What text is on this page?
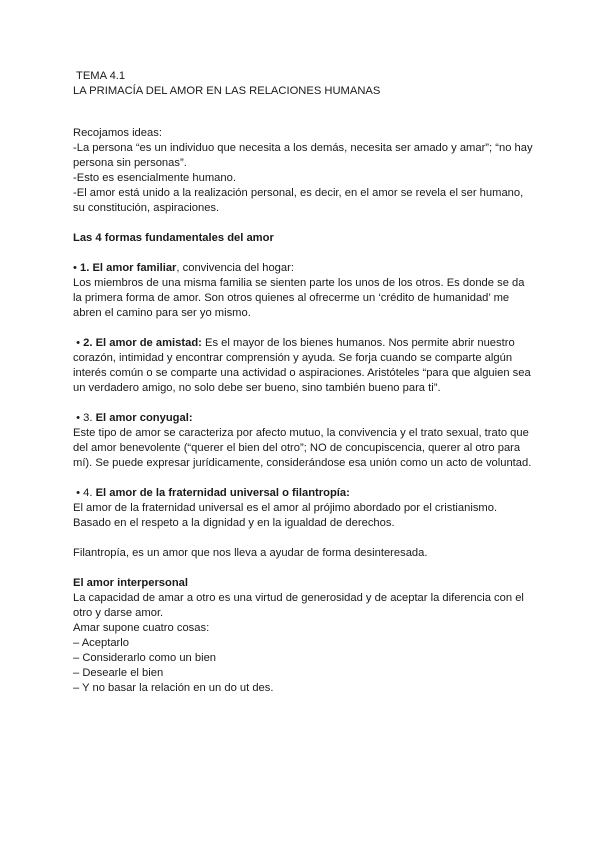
TEMA 4.1

LA PRIMACÍA DEL AMOR EN LAS RELACIONES HUMANAS

Recojamos ideas:

-La persona “es un individuo que necesita a los demás, necesita ser amado y amar”; “no hay persona sin personas”.

-Esto es esencialmente humano.

-El amor está unido a la realización personal, es decir, en el amor se revela el ser humano, su constitución, aspiraciones.

Las 4 formas fundamentales del amor

• 1. El amor familiar, convivencia del hogar:

Los miembros de una misma familia se sienten parte los unos de los otros. Es donde se da la primera forma de amor. Son otros quienes al ofrecerme un ‘crédito de humanidad’ me abren el camino para ser yo mismo.

• 2. El amor de amistad: Es el mayor de los bienes humanos. Nos permite abrir nuestro corazón, intimidad y encontrar comprensión y ayuda. Se forja cuando se comparte algún interés común o se comparte una actividad o aspiraciones. Aristóteles “para que alguien sea un verdadero amigo, no solo debe ser bueno, sino también bueno para ti”.

• 3. El amor conyugal:

Este tipo de amor se caracteriza por afecto mutuo, la convivencia y el trato sexual, trato que del amor benevolente (“querer el bien del otro”; NO de concupiscencia, querer al otro para mí). Se puede expresar jurídicamente, considerándose esa unión como un acto de voluntad.

• 4. El amor de la fraternidad universal o filantropía:

El amor de la fraternidad universal es el amor al prójimo abordado por el cristianismo. Basado en el respeto a la dignidad y en la igualdad de derechos.

Filantropía, es un amor que nos lleva a ayudar de forma desinteresada.

El amor interpersonal

La capacidad de amar a otro es una virtud de generosidad y de aceptar la diferencia con el otro y darse amor.

Amar supone cuatro cosas:

– Aceptarlo

– Considerarlo como un bien

– Desearle el bien

– Y no basar la relación en un do ut des.
